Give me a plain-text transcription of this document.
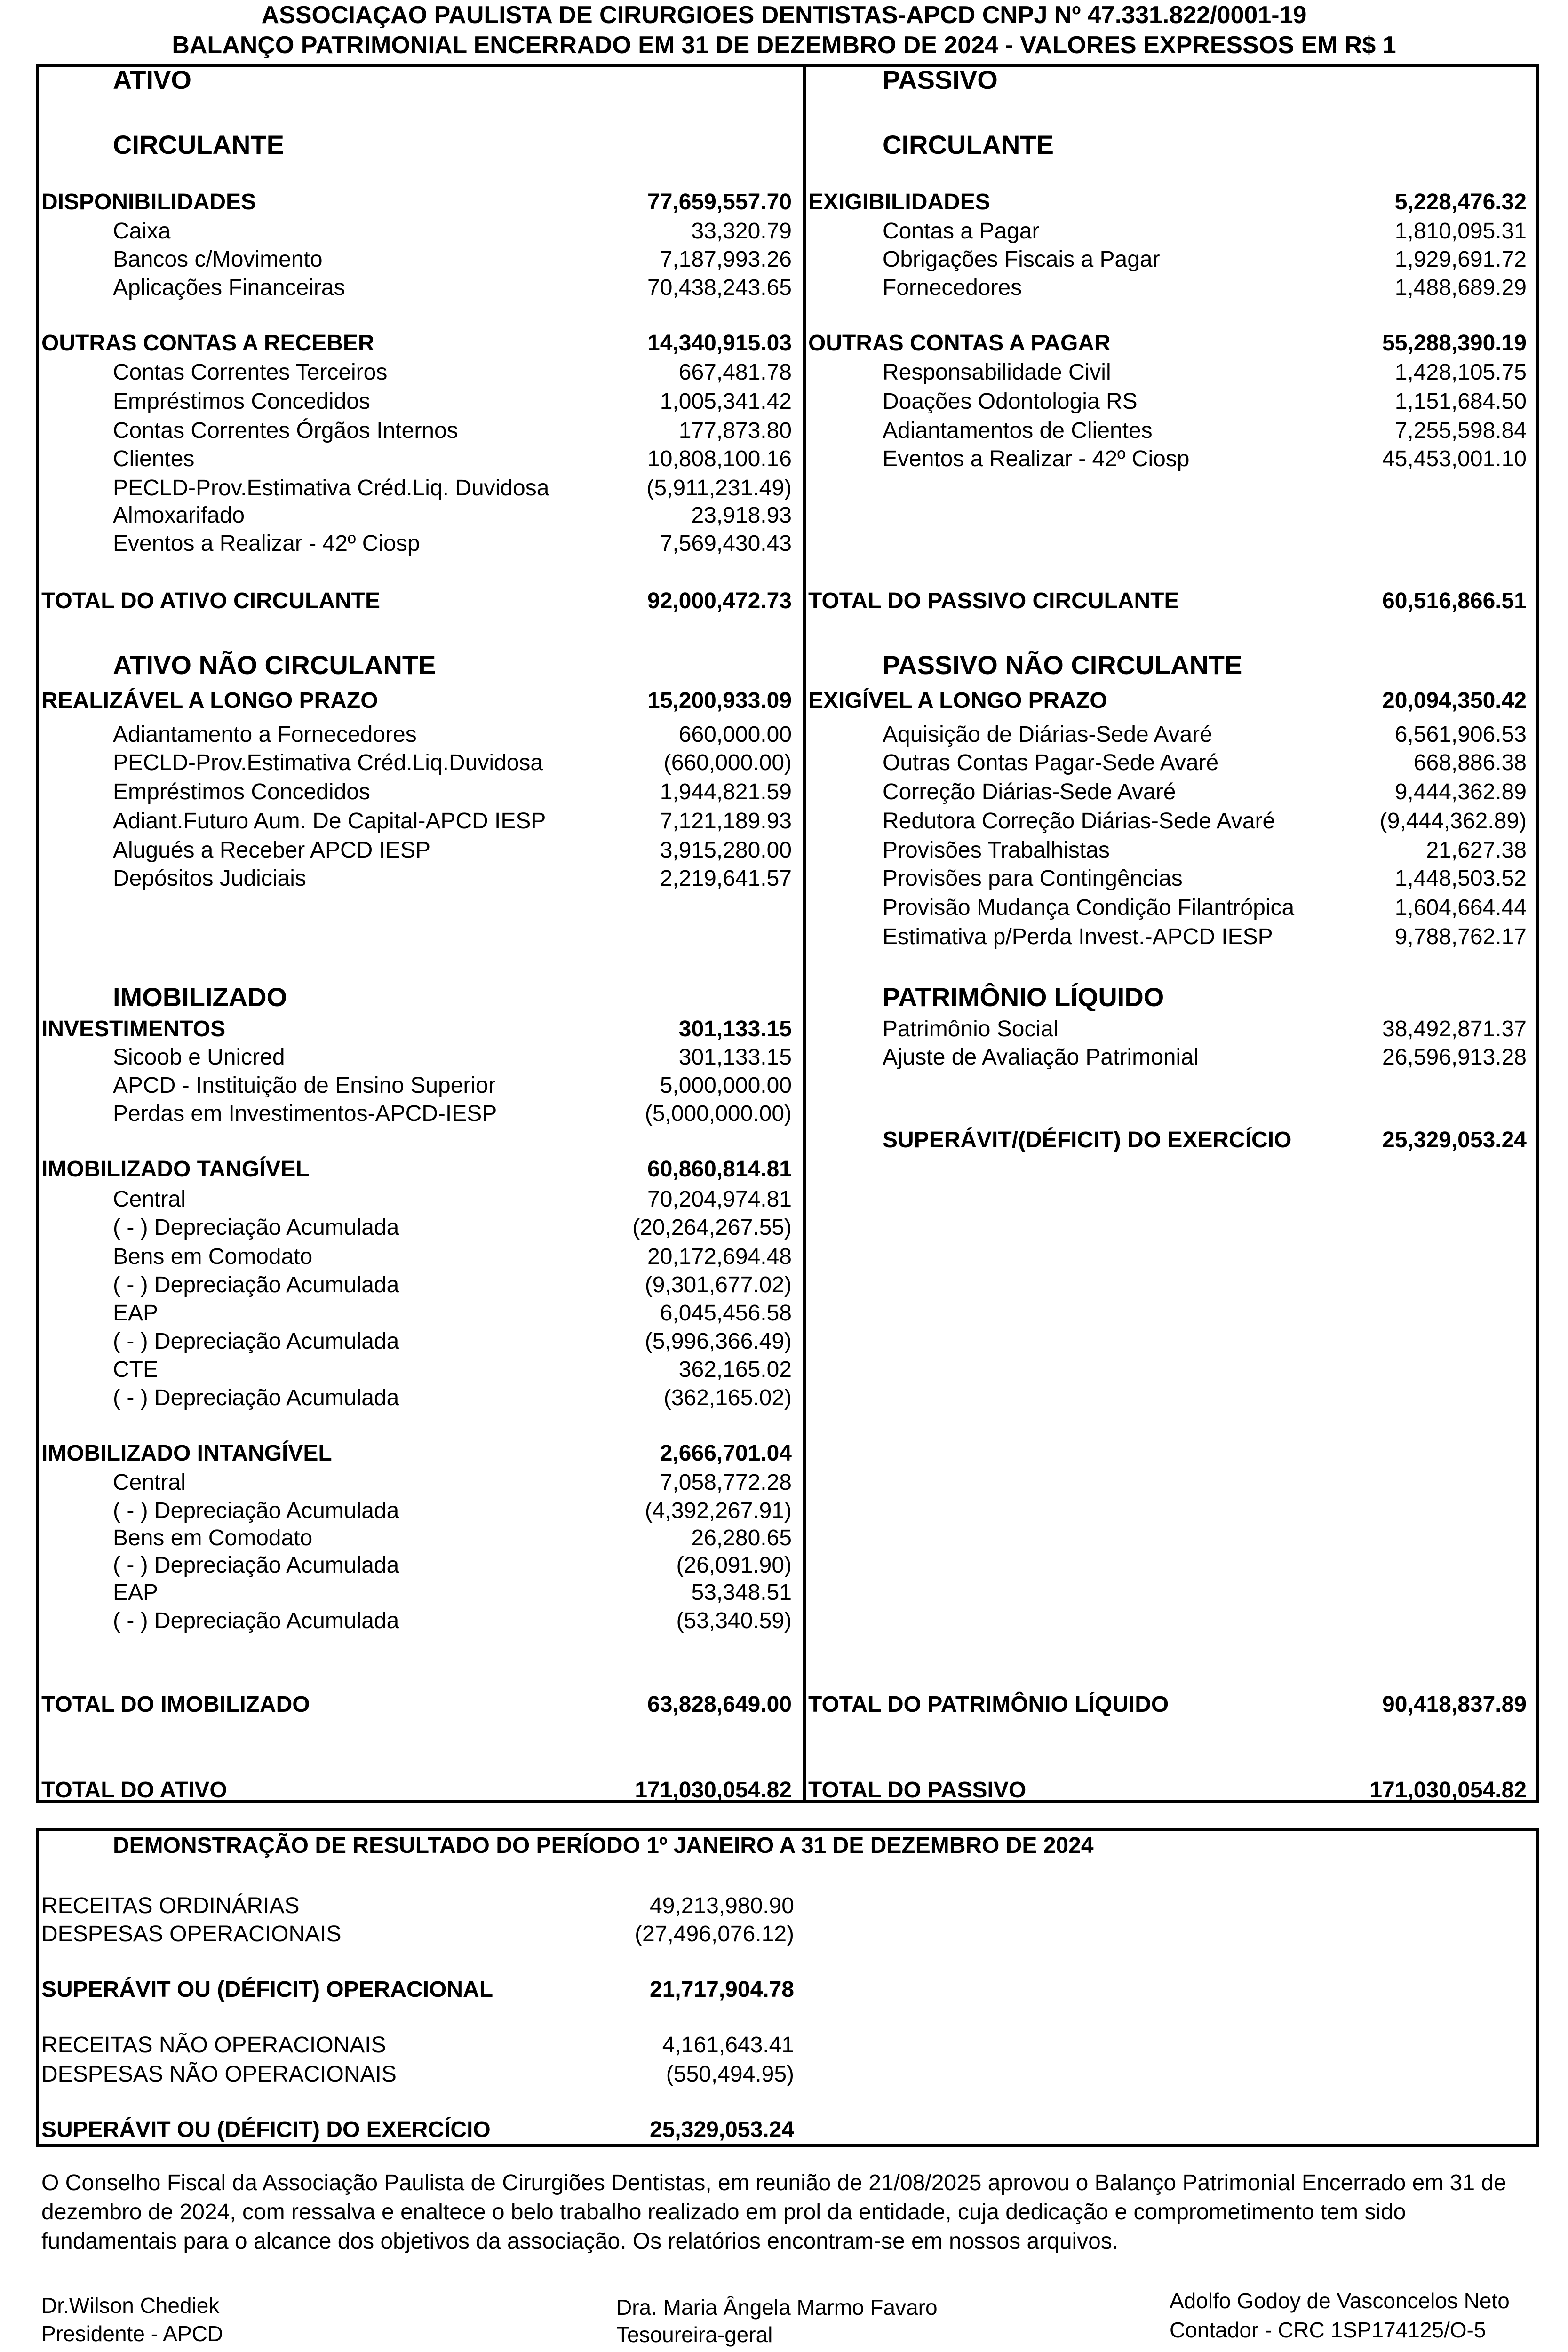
ASSOCIAÇAO PAULISTA DE CIRURGIOES DENTISTAS-APCD CNPJ Nº 47.331.822/0001-19
BALANÇO PATRIMONIAL ENCERRADO EM 31 DE DEZEMBRO DE 2024 - VALORES EXPRESSOS EM R$ 1
ATIVO
CIRCULANTE
DISPONIBILIDADES	77,659,557.70
Caixa	33,320.79
Bancos c/Movimento	7,187,993.26
Aplicações Financeiras	70,438,243.65
OUTRAS CONTAS A RECEBER	14,340,915.03
Contas Correntes Terceiros	667,481.78
Empréstimos Concedidos	1,005,341.42
Contas Correntes Órgãos Internos	177,873.80
Clientes	10,808,100.16
PECLD-Prov.Estimativa Créd.Liq. Duvidosa	(5,911,231.49)
Almoxarifado	23,918.93
Eventos a Realizar - 42º Ciosp	7,569,430.43
TOTAL DO ATIVO CIRCULANTE	92,000,472.73
ATIVO NÃO CIRCULANTE
REALIZÁVEL A LONGO PRAZO	15,200,933.09
Adiantamento a Fornecedores	660,000.00
PECLD-Prov.Estimativa Créd.Liq.Duvidosa	(660,000.00)
Empréstimos Concedidos	1,944,821.59
Adiant.Futuro Aum. De Capital-APCD IESP	7,121,189.93
Alugués a Receber APCD IESP	3,915,280.00
Depósitos Judiciais	2,219,641.57
IMOBILIZADO
INVESTIMENTOS	301,133.15
Sicoob e Unicred	301,133.15
APCD - Instituição de Ensino Superior	5,000,000.00
Perdas em Investimentos-APCD-IESP	(5,000,000.00)
IMOBILIZADO TANGÍVEL	60,860,814.81
Central	70,204,974.81
( - ) Depreciação Acumulada	(20,264,267.55)
Bens em Comodato	20,172,694.48
( - ) Depreciação Acumulada	(9,301,677.02)
EAP	6,045,456.58
( - ) Depreciação Acumulada	(5,996,366.49)
CTE	362,165.02
( - ) Depreciação Acumulada	(362,165.02)
IMOBILIZADO INTANGÍVEL	2,666,701.04
Central	7,058,772.28
( - ) Depreciação Acumulada	(4,392,267.91)
Bens em Comodato	26,280.65
( - ) Depreciação Acumulada	(26,091.90)
EAP	53,348.51
( - ) Depreciação Acumulada	(53,340.59)
TOTAL DO IMOBILIZADO	63,828,649.00
TOTAL DO ATIVO	171,030,054.82
PASSIVO
CIRCULANTE
EXIGIBILIDADES	5,228,476.32
Contas a Pagar	1,810,095.31
Obrigações Fiscais a Pagar	1,929,691.72
Fornecedores	1,488,689.29
OUTRAS CONTAS A PAGAR	55,288,390.19
Responsabilidade Civil	1,428,105.75
Doações Odontologia RS	1,151,684.50
Adiantamentos de Clientes	7,255,598.84
Eventos a Realizar - 42º Ciosp	45,453,001.10
TOTAL DO PASSIVO CIRCULANTE	60,516,866.51
PASSIVO NÃO CIRCULANTE
EXIGÍVEL A LONGO PRAZO	20,094,350.42
Aquisição de Diárias-Sede Avaré	6,561,906.53
Outras Contas Pagar-Sede Avaré	668,886.38
Correção Diárias-Sede Avaré	9,444,362.89
Redutora Correção Diárias-Sede Avaré	(9,444,362.89)
Provisões Trabalhistas	21,627.38
Provisões para Contingências	1,448,503.52
Provisão Mudança Condição Filantrópica	1,604,664.44
Estimativa p/Perda Invest.-APCD IESP	9,788,762.17
PATRIMÔNIO LÍQUIDO
Patrimônio Social	38,492,871.37
Ajuste de Avaliação Patrimonial	26,596,913.28
SUPERÁVIT/(DÉFICIT) DO EXERCÍCIO	25,329,053.24
TOTAL DO PATRIMÔNIO LÍQUIDO	90,418,837.89
TOTAL DO PASSIVO	171,030,054.82
DEMONSTRAÇÃO DE RESULTADO DO PERÍODO 1º JANEIRO A 31 DE DEZEMBRO DE 2024
RECEITAS ORDINÁRIAS	49,213,980.90
DESPESAS OPERACIONAIS	(27,496,076.12)
SUPERÁVIT OU (DÉFICIT) OPERACIONAL	21,717,904.78
RECEITAS NÃO OPERACIONAIS	4,161,643.41
DESPESAS NÃO OPERACIONAIS	(550,494.95)
SUPERÁVIT OU (DÉFICIT) DO EXERCÍCIO	25,329,053.24
O Conselho Fiscal da Associação Paulista de Cirurgiões Dentistas, em reunião de 21/08/2025 aprovou o Balanço Patrimonial Encerrado em 31 de dezembro de 2024, com ressalva e enaltece o belo trabalho realizado em prol da entidade, cuja dedicação e comprometimento tem sido fundamentais para o alcance dos objetivos da associação. Os relatórios encontram-se em nossos arquivos.
Dr.Wilson Chediek
Presidente - APCD
Dra. Maria Ângela Marmo Favaro
Tesoureira-geral
Adolfo Godoy de Vasconcelos Neto
Contador - CRC 1SP174125/O-5
